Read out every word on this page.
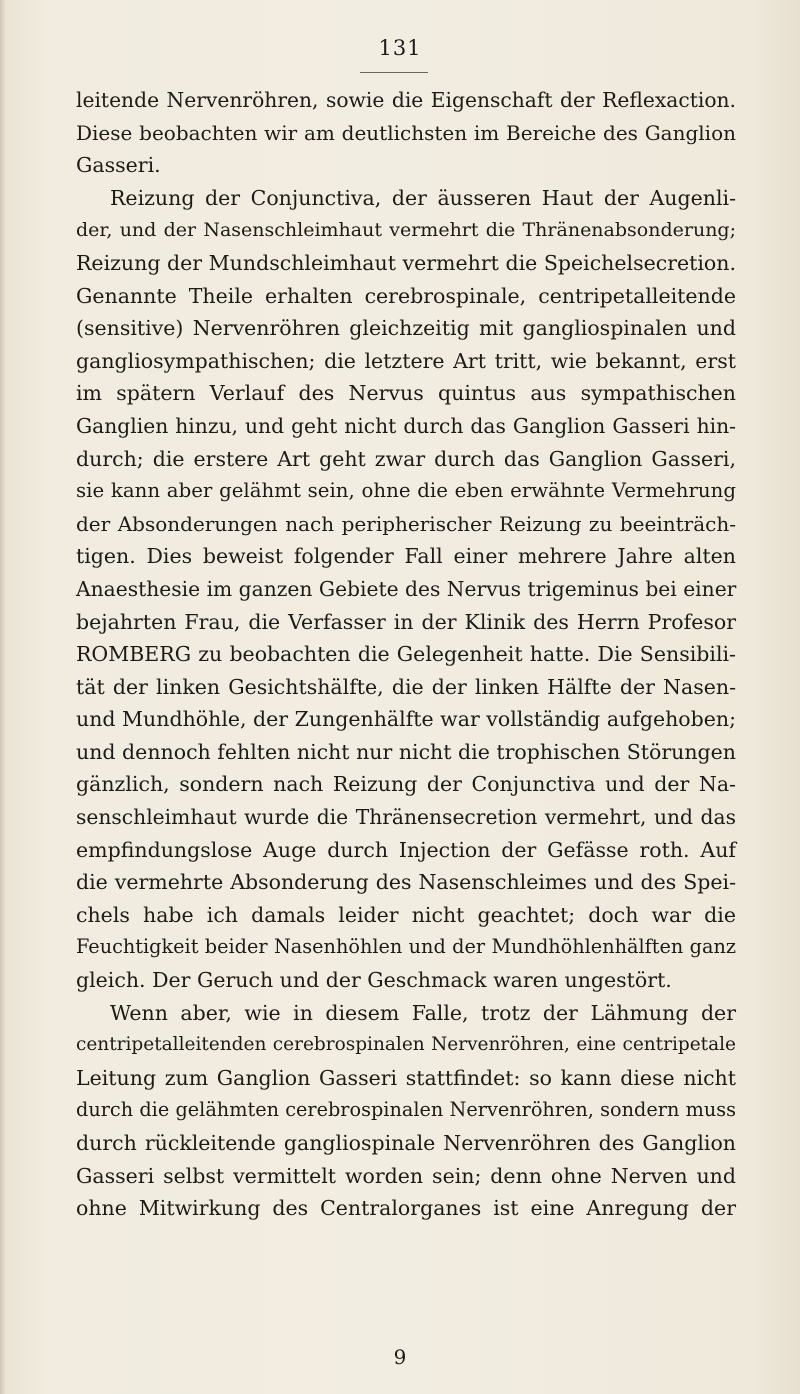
131
leitende Nervenröhren, sowie die Eigenschaft der Reflexaction.
Diese beobachten wir am deutlichsten im Bereiche des Ganglion
Gasseri.
Reizung der Conjunctiva, der äusseren Haut der Augenli-
der, und der Nasenschleimhaut vermehrt die Thränenabsonderung;
Reizung der Mundschleimhaut vermehrt die Speichelsecretion.
Genannte Theile erhalten cerebrospinale, centripetalleitende
(sensitive) Nervenröhren gleichzeitig mit gangliospinalen und
gangliosympathischen; die letztere Art tritt, wie bekannt, erst
im spätern Verlauf des Nervus quintus aus sympathischen
Ganglien hinzu, und geht nicht durch das Ganglion Gasseri hin-
durch; die erstere Art geht zwar durch das Ganglion Gasseri,
sie kann aber gelähmt sein, ohne die eben erwähnte Vermehrung
der Absonderungen nach peripherischer Reizung zu beeinträch-
tigen. Dies beweist folgender Fall einer mehrere Jahre alten
Anaesthesie im ganzen Gebiete des Nervus trigeminus bei einer
bejahrten Frau, die Verfasser in der Klinik des Herrn Profesor
ROMBERG zu beobachten die Gelegenheit hatte. Die Sensibili-
tät der linken Gesichtshälfte, die der linken Hälfte der Nasen-
und Mundhöhle, der Zungenhälfte war vollständig aufgehoben;
und dennoch fehlten nicht nur nicht die trophischen Störungen
gänzlich, sondern nach Reizung der Conjunctiva und der Na-
senschleimhaut wurde die Thränensecretion vermehrt, und das
empfindungslose Auge durch Injection der Gefässe roth. Auf
die vermehrte Absonderung des Nasenschleimes und des Spei-
chels habe ich damals leider nicht geachtet; doch war die
Feuchtigkeit beider Nasenhöhlen und der Mundhöhlenhälften ganz
gleich. Der Geruch und der Geschmack waren ungestört.
Wenn aber, wie in diesem Falle, trotz der Lähmung der
centripetalleitenden cerebrospinalen Nervenröhren, eine centripetale
Leitung zum Ganglion Gasseri stattfindet: so kann diese nicht
durch die gelähmten cerebrospinalen Nervenröhren, sondern muss
durch rückleitende gangliospinale Nervenröhren des Ganglion
Gasseri selbst vermittelt worden sein; denn ohne Nerven und
ohne Mitwirkung des Centralorganes ist eine Anregung der
9
